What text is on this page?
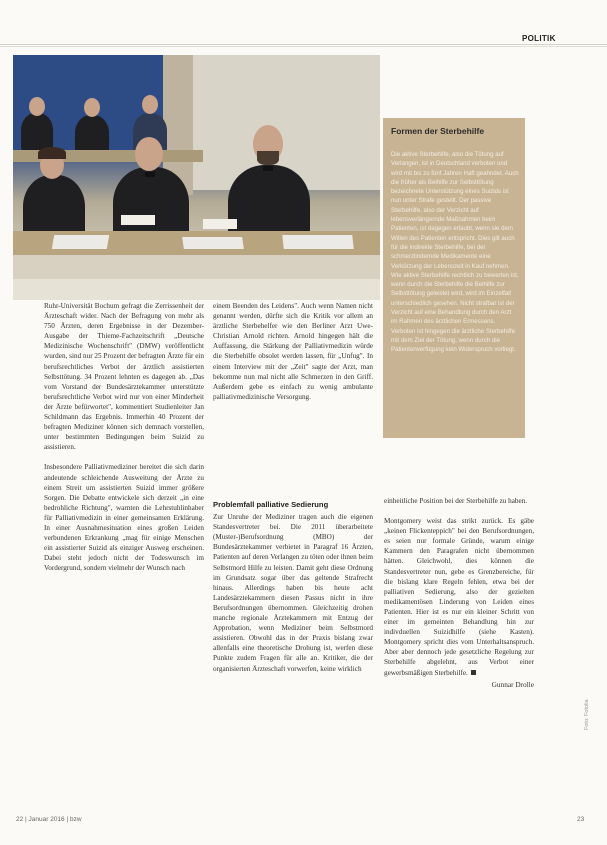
POLITIK
Formen der Sterbehilfe
Die aktive Sterbehilfe, also die Tötung auf Verlangen, ist in Deutschland verboten und wird mit bis zu fünf Jahren Haft geahndet. Auch die früher als Beihilfe zur Selbsttötung bezeichnete Unterstützung eines Suizids ist nun unter Strafe gestellt. Der passive Sterbehilfe, also der Verzicht auf lebensverlängernde Maßnahmen beim Patienten, ist dagegen erlaubt, wenn sie dem Willen des Patienten entspricht. Dies gilt auch für die indirekte Sterbehilfe, bei der schmerzlindernde Medikamente eine Verkürzung der Lebenszeit in Kauf nehmen. Wie aktive Sterbehilfe rechtlich zu bewerten ist, wenn durch die Sterbehilfe die Beihilfe zur Selbsttötung geleistet wird, wird im Einzelfall unterschiedlich gesehen. Nicht strafbar ist der Verzicht auf eine Behandlung durch den Arzt im Rahmen des ärztlichen Ermessens. Verboten ist hingegen die ärztliche Sterbehilfe mit dem Ziel der Tötung, wenn durch die Patientenverfügung kein Widerspruch vorliegt.

Ruhr-Universität Bochum gefragt die Zerrissenheit der Ärzteschaft wider. Nach der Befragung von mehr als 750 Ärzten, deren Ergebnisse in der Dezember-Ausgabe der Thieme-Fachzeitschrift „Deutsche Medizinische Wochenschrift" (DMW) veröffentlicht wurden, sind nur 25 Prozent der befragten Ärzte für ein berufsrechtliches Verbot der ärztlich assistierten Selbsttötung. 34 Prozent lehnten es dagegen ab. „Das vom Vorstand der Bundesärztekammer unterstützte berufsrechtliche Verbot wird nur von einer Minderheit der Ärzte befürwortet", kommentiert Studienleiter Jan Schildmann das Ergebnis. Immerhin 40 Prozent der befragten Mediziner können sich demnach vorstellen, unter bestimmten Bedingungen beim Suizid zu assistieren.

Insbesondere Palliativmediziner bereitet die sich darin andeutende schleichende Ausweitung der Ärzte zu einem Streit um assistierten Suizid immer größere Sorgen. Die Debatte entwickele sich derzeit „in eine bedrohliche Richtung", warnten die Lehrstuhlinhaber für Palliativmedizin in einer gemeinsamen Erklärung. In einer Ausnahmesituation eines großen Leiden verbundenen Erkrankung „mag für einige Menschen ein assistierter Suizid als einziger Ausweg erscheinen. Dabei steht jedoch nicht der Todeswunsch im Vordergrund, sondern vielmehr der Wunsch nach

einem Beenden des Leidens". Auch wenn Namen nicht genannt werden, dürfte sich die Kritik vor allem an ärztliche Sterbehelfer wie den Berliner Arzt Uwe-Christian Arnold richten. Arnold hingegen hält die Auffassung, die Stärkung der Palliativmedizin würde die Sterbehilfe obsolet werden lassen, für „Unfug". In einem Interview mit der „Zeit" sagte der Arzt, man bekomme nun mal nicht alle Schmerzen in den Griff. Außerdem gebe es einfach zu wenig ambulante palliativmedizinische Versorgung.

Problemfall palliative Sedierung

Zur Unruhe der Mediziner tragen auch die eigenen Standesvertreter bei. Die 2011 überarbeitete (Muster-)Berufsordnung (MBO) der Bundesärztekammer verbietet in Paragraf 16 Ärzten, Patienten auf deren Verlangen zu töten oder ihnen beim Selbstmord Hilfe zu leisten. Damit geht diese Ordnung im Grundsatz sogar über das geltende Strafrecht hinaus. Allerdings haben bis heute acht Landesärztekammern diesen Passus nicht in ihre Berufsordnungen übernommen. Gleichzeitig drohen manche regionale Ärztekammern mit Entzug der Approbation, wenn Mediziner beim Selbstmord assistieren. Obwohl das in der Praxis bislang zwar allenfalls eine theoretische Drohung ist, werfen diese Punkte zudem Fragen für alle an. Kritiker, die der organisierten Ärzteschaft vorwerfen, keine wirklich

einheitliche Position bei der Sterbehilfe zu haben.

Montgomery weist das strikt zurück. Es gäbe „keinen Flickenteppich" bei den Berufsordnungen, es seien nur formale Gründe, warum einige Kammern den Paragrafen nicht übernommen hätten. Gleichwohl, dies können die Standesvertreter nun, gebe es Grenzbereiche, für die bislang klare Regeln fehlen, etwa bei der palliativen Sedierung, also der gezielten medikamentösen Linderung von Leiden eines Patienten. Hier ist es nur ein kleiner Schritt von einer im gemeinten Behandlung hin zur indivduellen Suizidhilfe (siehe Kasten). Montgomery spricht dies vom Unterhaltsanspruch. Aber aber dennoch jede gesetzliche Regelung zur Sterbehilfe abgelehnt, aus Verbot einer gewerbsmäßigen Sterbehilfe.

Gunnar Drolle
Foto: Fotolia
22 | Januar 2016 | bzw	23
